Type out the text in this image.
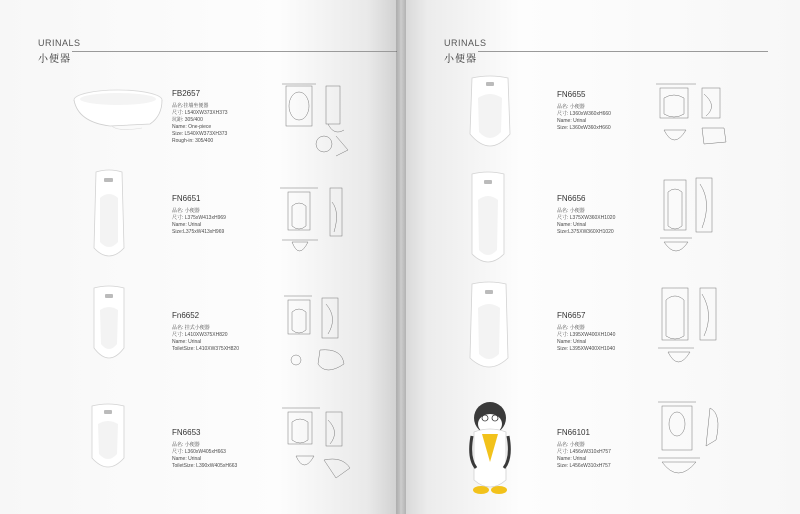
URINALS
小便器
FB2657
品名:挂墙坐便器
尺寸: L540XW373XH373
坑距: 305/400
Name: One-piece
Size: L540XW373XH373
Rough-in: 305/400
FN6651
品名: 小便器
尺寸: L375xW413xH969
Name: Urinal
Size:L375xW413xH969
Fn6652
品名: 挂式小便器
尺寸: L410XW375XH820
Name: Urinal
ToiletSize: L410XW375XH820
FN6653
品名: 小便器
尺寸: L360xW405xH663
Name: Urinal
ToiletSize: L390xW405xH663
URINALS
小便器
FN6655
品名: 小便器
尺寸: L360xW360xH660
Name: Urinal
Size: L360xW360xH660
FN6656
品名: 小便器
尺寸: L375XW360XH1020
Name: Urinal
Size:L375XW360XH1020
FN6657
品名: 小便器
尺寸: L395XW400XH1040
Name: Urinal
Size: L395XW400XH1040
FN66101
品名: 小便器
尺寸: L456xW310xH757
Name: Urinal
Size: L456xW310xH757
